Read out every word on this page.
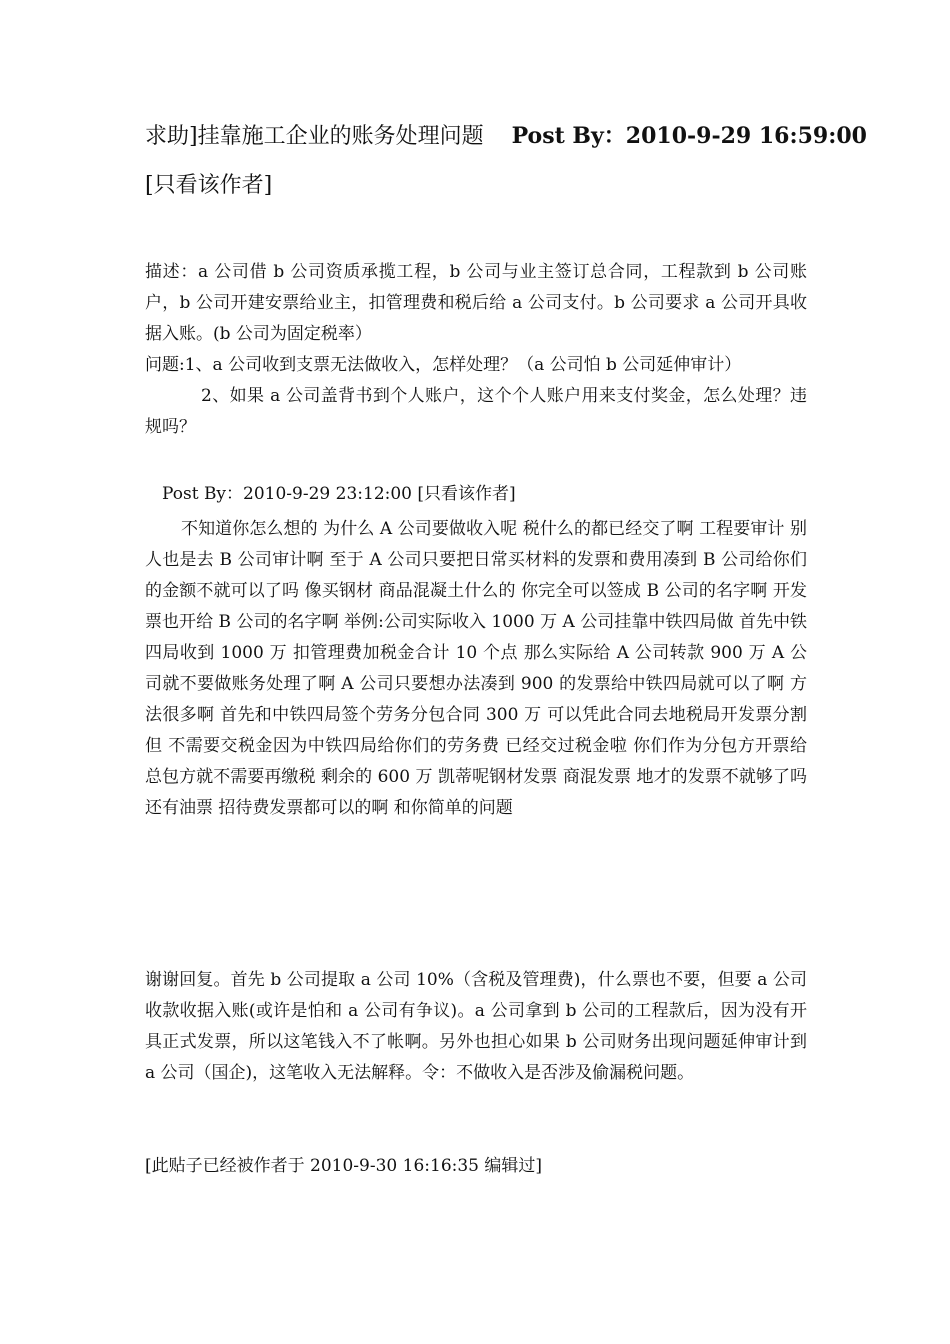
求助]挂靠施工企业的账务处理问题 Post By：2010-9-29 16:59:00
[只看该作者]

描述：a 公司借 b 公司资质承揽工程，b 公司与业主签订总合同，工程款到 b 公司账户，b 公司开建安票给业主，扣管理费和税后给 a 公司支付。b 公司要求 a 公司开具收据入账。(b 公司为固定税率）

问题:1、a 公司收到支票无法做收入，怎样处理？（a 公司怕 b 公司延伸审计）

2、如果 a 公司盖背书到个人账户，这个个人账户用来支付奖金，怎么处理？违规吗？

Post By：2010-9-29 23:12:00 [只看该作者]

不知道你怎么想的 为什么 A 公司要做收入呢 税什么的都已经交了啊 工程要审计 别人也是去 B 公司审计啊 至于 A 公司只要把日常买材料的发票和费用凑到 B 公司给你们的金额不就可以了吗 像买钢材 商品混凝土什么的 你完全可以签成 B 公司的名字啊 开发票也开给 B 公司的名字啊 举例:公司实际收入 1000 万 A 公司挂靠中铁四局做 首先中铁四局收到 1000 万 扣管理费加税金合计 10 个点 那么实际给 A 公司转款 900 万 A 公司就不要做账务处理了啊 A 公司只要想办法凑到 900 的发票给中铁四局就可以了啊 方法很多啊 首先和中铁四局签个劳务分包合同 300 万 可以凭此合同去地税局开发票分割但 不需要交税金因为中铁四局给你们的劳务费 已经交过税金啦 你们作为分包方开票给总包方就不需要再缴税 剩余的 600 万 凯蒂呢钢材发票 商混发票 地才的发票不就够了吗 还有油票 招待费发票都可以的啊 和你简单的问题

谢谢回复。首先 b 公司提取 a 公司 10%（含税及管理费)，什么票也不要，但要 a 公司收款收据入账(或许是怕和 a 公司有争议)。a 公司拿到 b 公司的工程款后，因为没有开具正式发票，所以这笔钱入不了帐啊。另外也担心如果 b 公司财务出现问题延伸审计到 a 公司（国企)，这笔收入无法解释。令：不做收入是否涉及偷漏税问题。

[此贴子已经被作者于 2010-9-30 16:16:35 编辑过]
